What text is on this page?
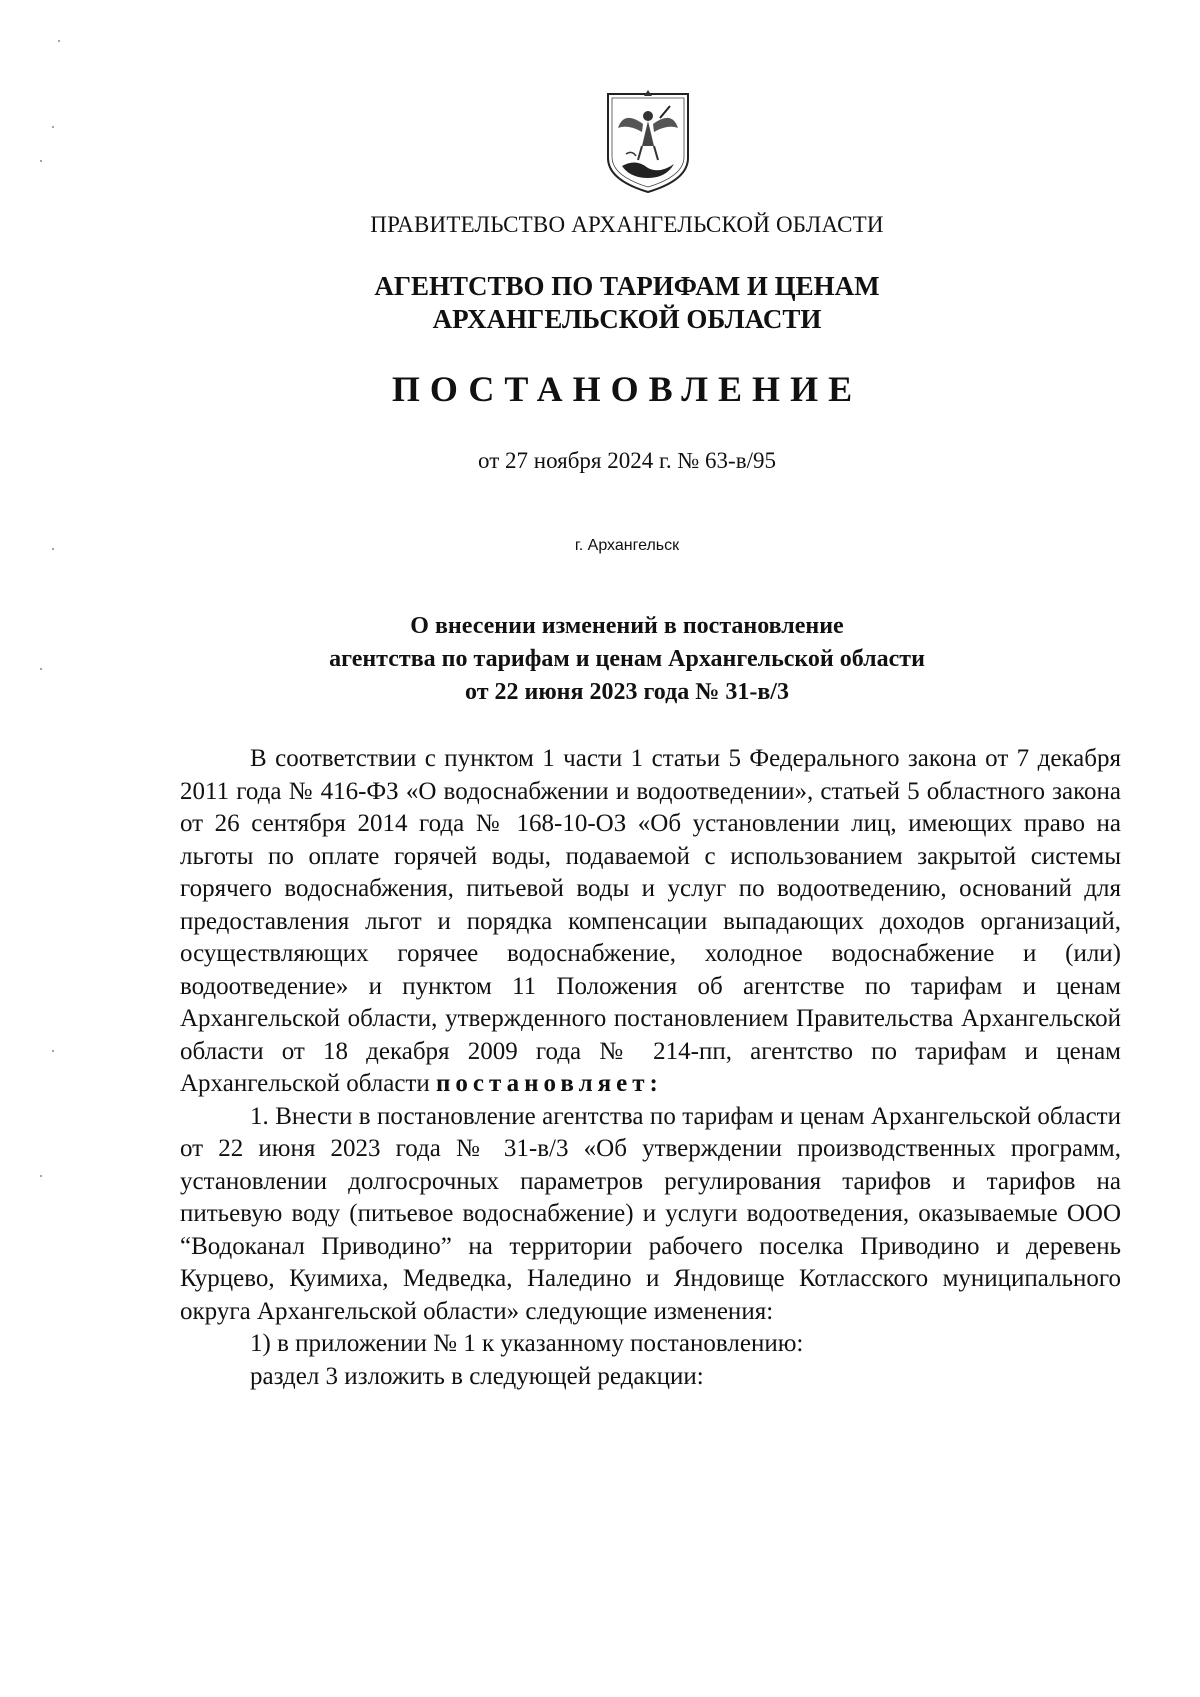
ПРАВИТЕЛЬСТВО АРХАНГЕЛЬСКОЙ ОБЛАСТИ
АГЕНТСТВО ПО ТАРИФАМ И ЦЕНАМ
АРХАНГЕЛЬСКОЙ ОБЛАСТИ
ПОСТАНОВЛЕНИЕ
от 27 ноября 2024 г. № 63-в/95
г. Архангельск
О внесении изменений в постановление
агентства по тарифам и ценам Архангельской области
от 22 июня 2023 года № 31-в/3

В соответствии с пунктом 1 части 1 статьи 5 Федерального закона от 7 декабря 2011 года № 416-ФЗ «О водоснабжении и водоотведении», статьей 5 областного закона от 26 сентября 2014 года № 168-10-ОЗ «Об установлении лиц, имеющих право на льготы по оплате горячей воды, подаваемой с использованием закрытой системы горячего водоснабжения, питьевой воды и услуг по водоотведению, оснований для предоставления льгот и порядка компенсации выпадающих доходов организаций, осуществляющих горячее водоснабжение, холодное водоснабжение и (или) водоотведение» и пунктом 11 Положения об агентстве по тарифам и ценам Архангельской области, утвержденного постановлением Правительства Архангельской области от 18 декабря 2009 года № 214-пп, агентство по тарифам и ценам Архангельской области постановляет:

1. Внести в постановление агентства по тарифам и ценам Архангельской области от 22 июня 2023 года № 31-в/3 «Об утверждении производственных программ, установлении долгосрочных параметров регулирования тарифов и тарифов на питьевую воду (питьевое водоснабжение) и услуги водоотведения, оказываемые ООО “Водоканал Приводино” на территории рабочего поселка Приводино и деревень Курцево, Куимиха, Медведка, Наледино и Яндовище Котласского муниципального округа Архангельской области» следующие изменения:

1) в приложении № 1 к указанному постановлению:

раздел 3 изложить в следующей редакции:
